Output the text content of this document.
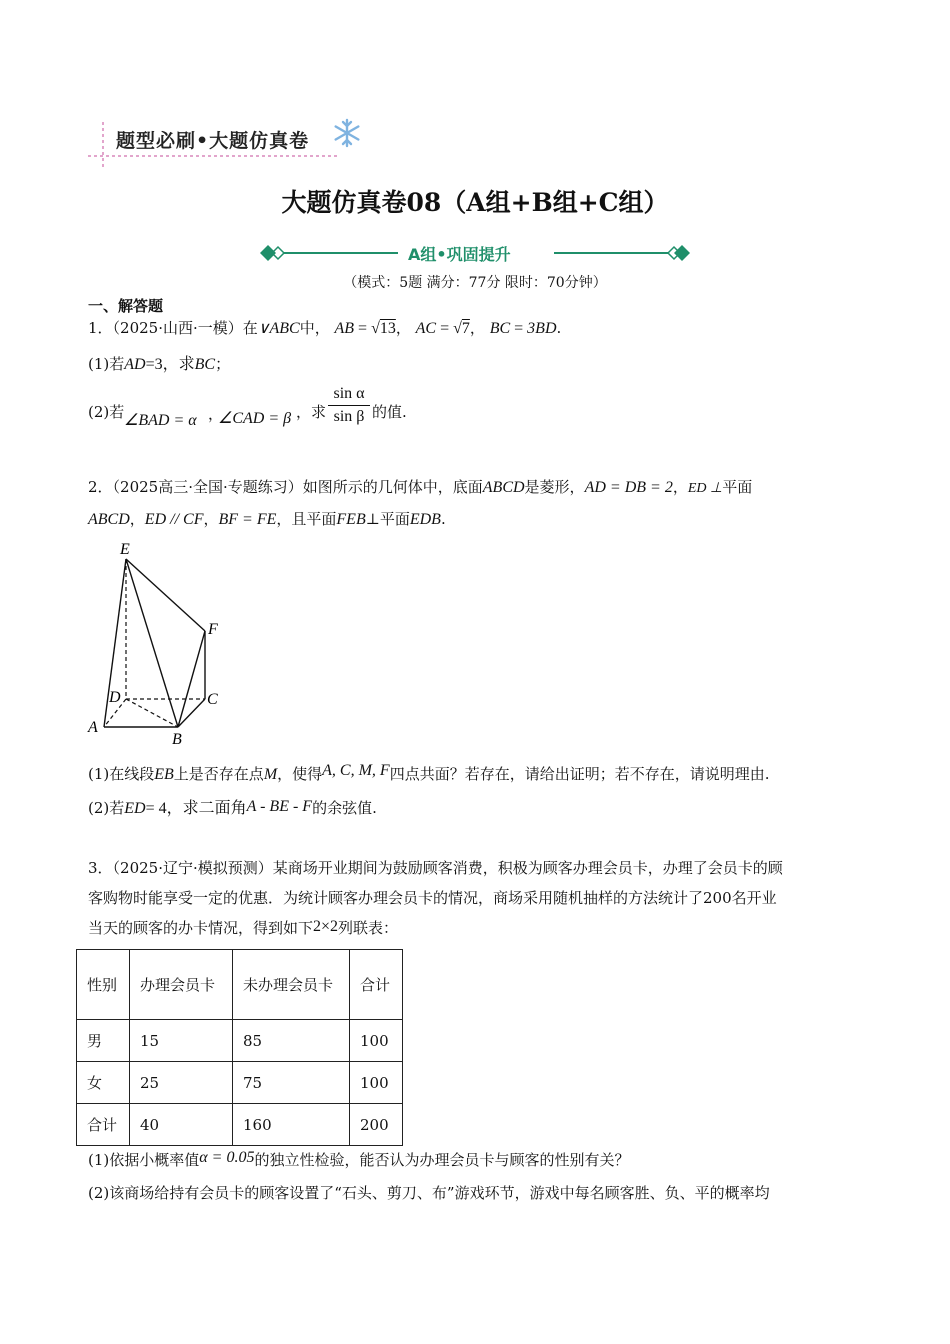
题型必刷•大题仿真卷
大题仿真卷08（A组+B组+C组）
A组•巩固提升
（模式：5题 满分：77分 限时：70分钟）
一、解答题
1．（2025·山西·一模）在∨ABC中， AB = √13， AC = √7， BC = 3BD.
(1)若AD=3，求BC；
(2)若 ∠BAD = α ，
∠CAD = β ，求
sin α
sin β 的值.
2．（2025高三·全国·专题练习）如图所示的几何体中，底面ABCD是菱形，AD = DB = 2，ED ⊥平面
ABCD，ED // CF，BF = FE，且平面FEB⊥平面EDB.
E
F
D	C
A
B
(1)在线段EB上是否存在点M，使得A, C, M, F四点共面？若存在，请给出证明；若不存在，请说明理由.
(2)若ED= 4，求二面角A - BE - F的余弦值.
3．（2025·辽宁·模拟预测）某商场开业期间为鼓励顾客消费，积极为顾客办理会员卡，办理了会员卡的顾
客购物时能享受一定的优惠．为统计顾客办理会员卡的情况，商场采用随机抽样的方法统计了200名开业
当天的顾客的办卡情况，得到如下2×2列联表：
性别	办理会员卡	未办理会员卡	合计
男	15	85	100
女	25	75	100
合计	40	160	200
(1)依据小概率值α = 0.05的独立性检验，能否认为办理会员卡与顾客的性别有关？
(2)该商场给持有会员卡的顾客设置了“石头、剪刀、布”游戏环节，游戏中每名顾客胜、负、平的概率均
